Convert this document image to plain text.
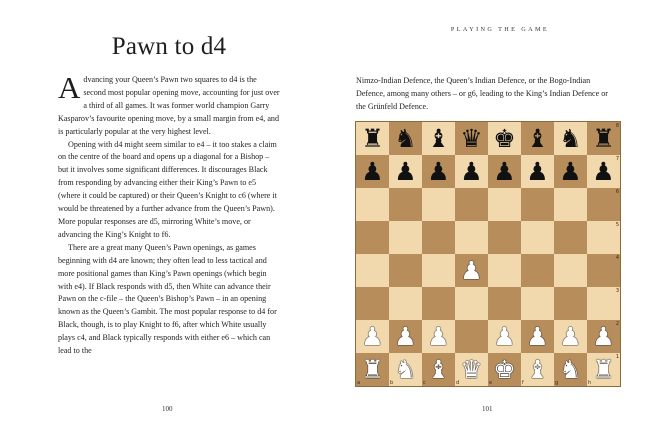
Pawn to d4

Advancing your Queen’s Pawn two squares to d4 is the second most popular opening move, accounting for just over a third of all games. It was former world champion Garry Kasparov’s favourite opening move, by a small margin from e4, and is particularly popular at the very highest level.

Opening with d4 might seem similar to e4 – it too stakes a claim on the centre of the board and opens up a diagonal for a Bishop – but it involves some significant differences. It discourages Black from responding by advancing either their King’s Pawn to e5 (where it could be captured) or their Queen’s Knight to c6 (where it would be threatened by a further advance from the Queen’s Pawn). More popular responses are d5, mirroring White’s move, or advancing the King’s Knight to f6.

There are a great many Queen’s Pawn openings, as games beginning with d4 are known; they often lead to less tactical and more positional games than King’s Pawn openings (which begin with e4). If Black responds with d5, then White can advance their Pawn on the c-file – the Queen’s Bishop’s Pawn – in an opening known as the Queen’s Gambit. The most popular response to d4 for Black, though, is to play Knight to f6, after which White usually plays c4, and Black typically responds with either e6 – which can lead to the

100
PLAYING THE GAME

Nimzo-Indian Defence, the Queen’s Indian Defence, or the Bogo-Indian Defence, among many others – or g6, leading to the King’s Indian Defence or the Grünfeld Defence.

♜ ♞ ♝ ♛ ♚ ♝ ♞ ♜ 8
♟ ♟ ♟ ♟ ♟ ♟ ♟ ♟ 7
6
5
♟	4
3
♟ ♟ ♟ ♟ ♟ ♟ ♟ 2
♜
a ♞
b ♝
c ♛
d ♚
e ♝
f ♞
g ♜ 1
h
101
